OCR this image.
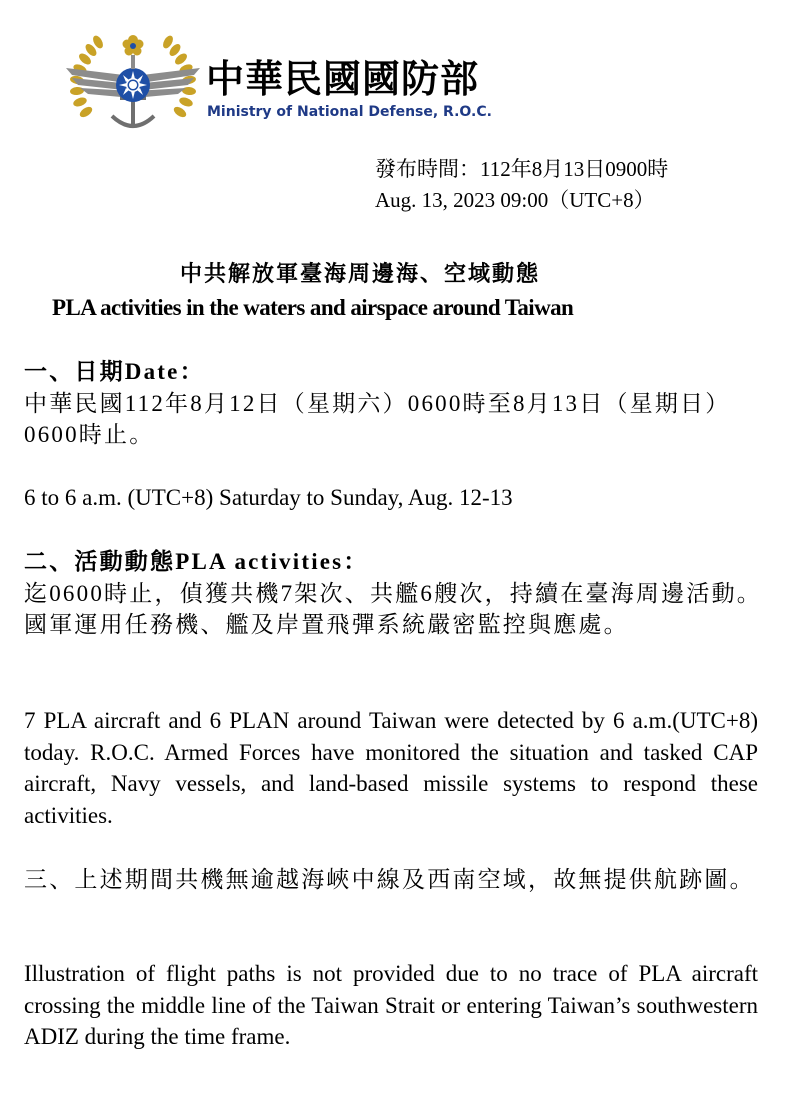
中華民國國防部
Ministry of National Defense, R.O.C.
發布時間：112年8月13日0900時
Aug. 13, 2023 09:00（UTC+8）
中共解放軍臺海周邊海、空域動態
PLA activities in the waters and airspace around Taiwan
一、日期Date：
中華民國112年8月12日（星期六）0600時至8月13日（星期日）0600時止。
6 to 6 a.m. (UTC+8) Saturday to Sunday, Aug. 12-13
二、活動動態PLA activities：
迄0600時止，偵獲共機7架次、共艦6艘次，持續在臺海周邊活動。國軍運用任務機、艦及岸置飛彈系統嚴密監控與應處。
7 PLA aircraft and 6 PLAN around Taiwan were detected by 6 a.m.(UTC+8) today. R.O.C. Armed Forces have monitored the situation and tasked CAP aircraft, Navy vessels, and land-based missile systems to respond these activities.
三、上述期間共機無逾越海峽中線及西南空域，故無提供航跡圖。
Illustration of flight paths is not provided due to no trace of PLA aircraft crossing the middle line of the Taiwan Strait or entering Taiwan’s southwestern ADIZ during the time frame.
